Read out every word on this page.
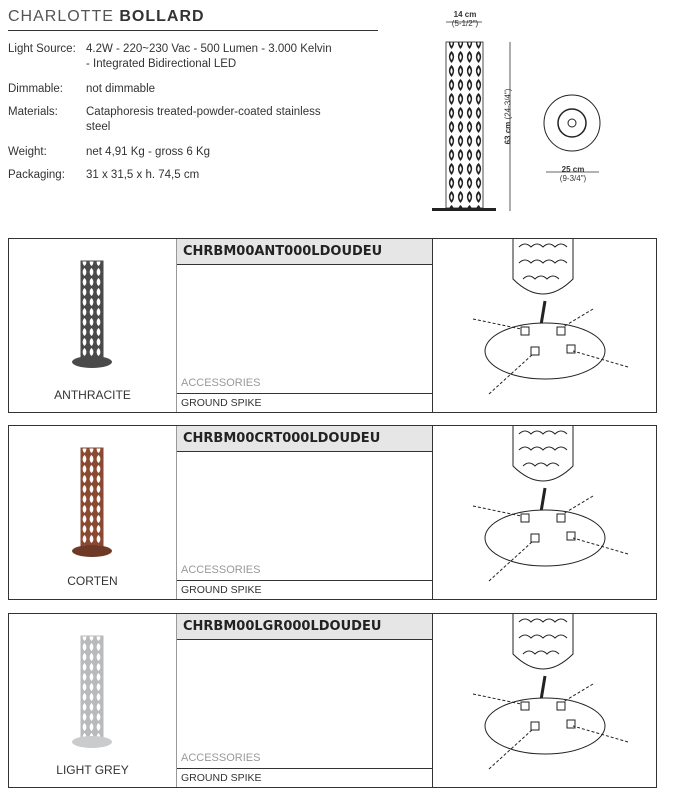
CHARLOTTE BOLLARD
Light Source: 4.2W - 220~230 Vac - 500 Lumen - 3.000 Kelvin - Integrated Bidirectional LED
Dimmable:	not dimmable
Materials:	Cataphoresis treated-powder-coated stainless steel
Weight:	net 4,91 Kg - gross 6 Kg
Packaging:	31 x 31,5 x h. 74,5 cm
14 cm
(5-1/2")
63 cm (24-3/4")
25 cm
(9-3/4")
ANTHRACITE
CHRBM00ANT000LDOUDEU
ACCESSORIES
GROUND SPIKE
CORTEN
CHRBM00CRT000LDOUDEU
ACCESSORIES
GROUND SPIKE
LIGHT GREY
CHRBM00LGR000LDOUDEU
ACCESSORIES
GROUND SPIKE
